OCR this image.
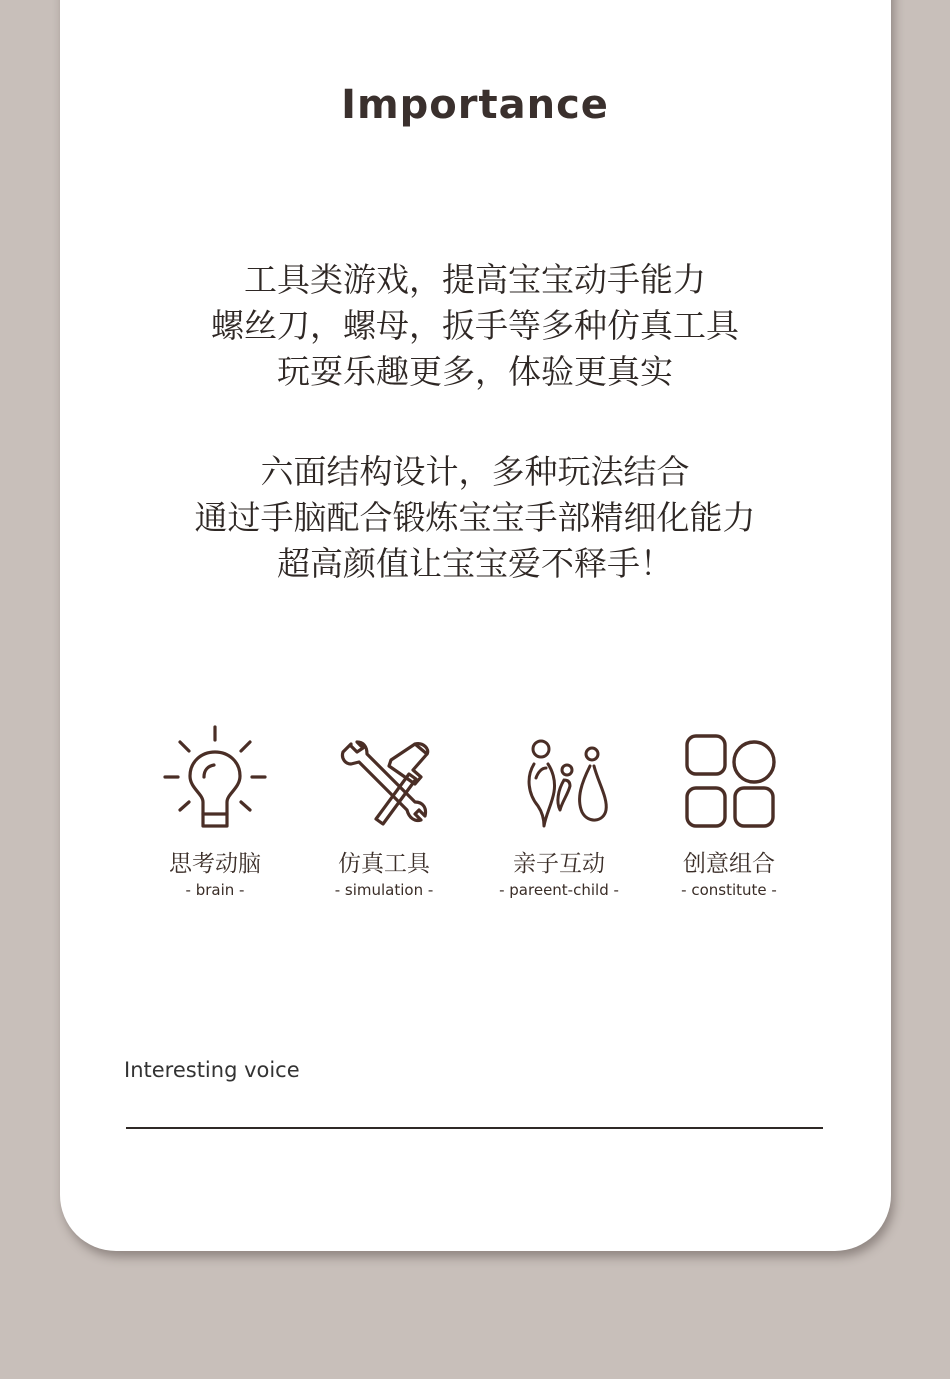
Importance
工具类游戏，提高宝宝动手能力
螺丝刀，螺母，扳手等多种仿真工具
玩耍乐趣更多，体验更真实
六面结构设计，多种玩法结合
通过手脑配合锻炼宝宝手部精细化能力
超高颜值让宝宝爱不释手！
思考动脑
- brain -
仿真工具
- simulation -
亲子互动
- pareent-child -
创意组合
- constitute -
Interesting voice
